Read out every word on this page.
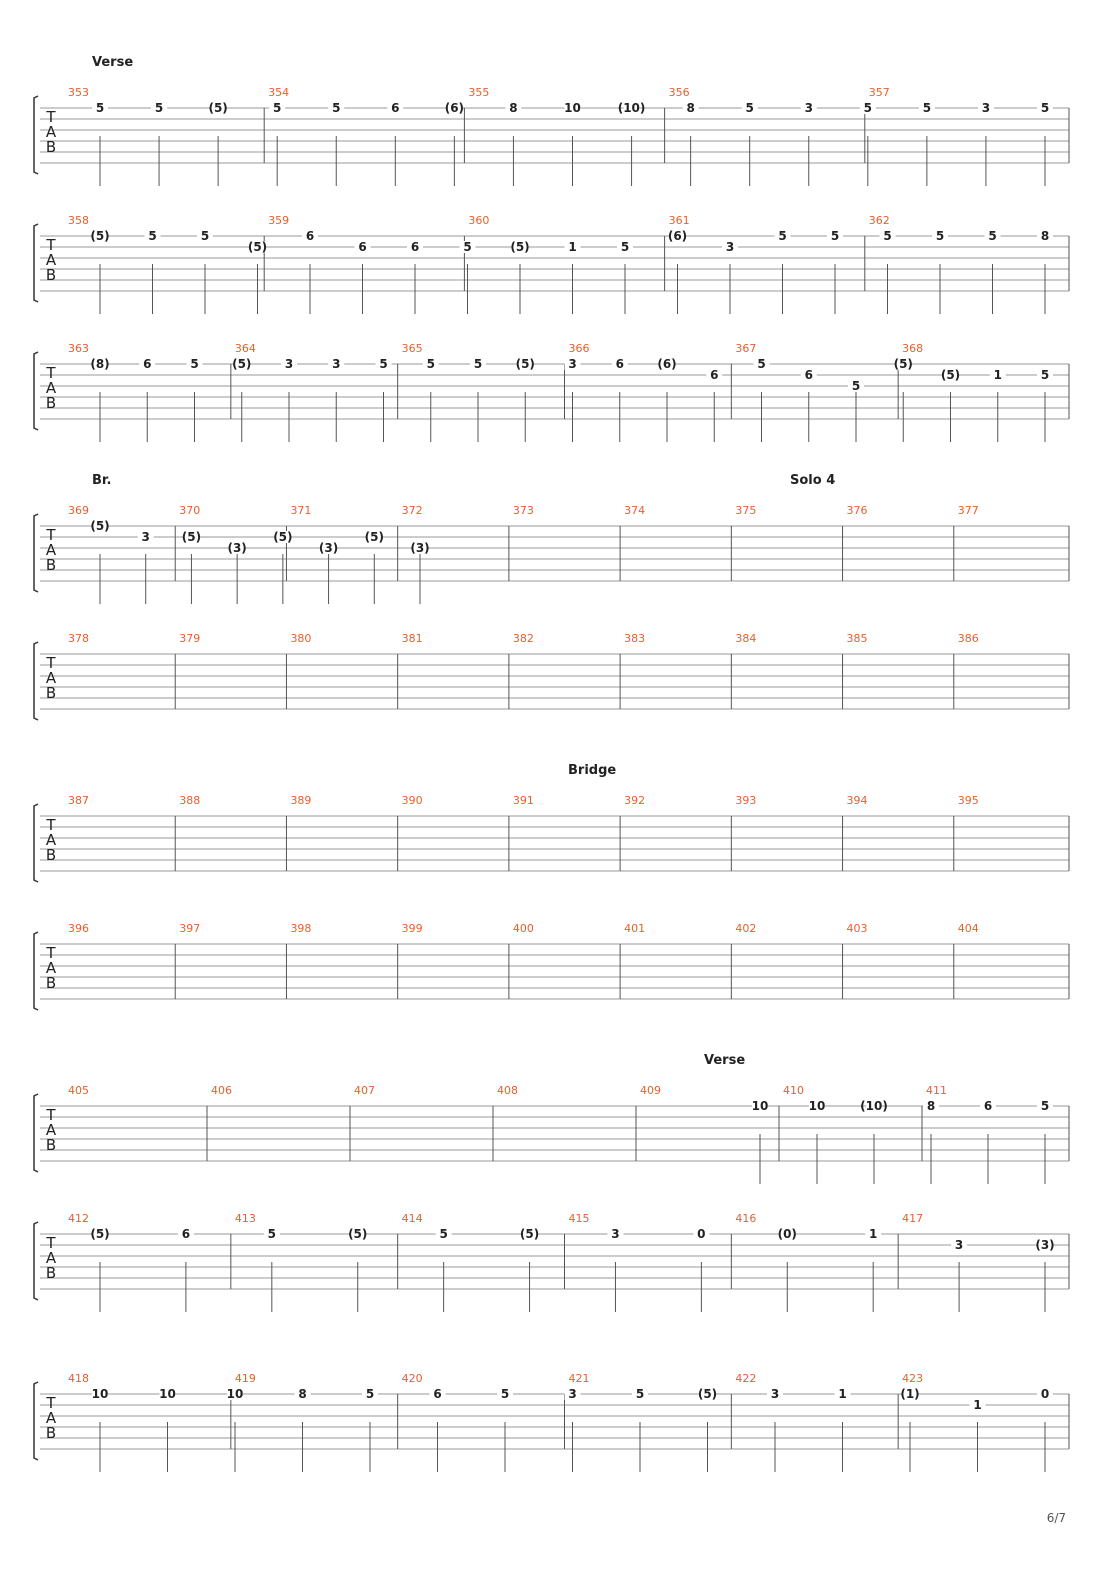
T
A
B
353	354	355	356	357
Verse
5	5	(5)	5	5	6	(6)	8	10	(10)	8	5	3	5	5	3	5
T
A
B
358	359	360	361	362
(5)	5	5
(5)
6
6	6	5	(5)	1	5
(6)
3
5	5	5	5	5	8
T
A
B
363	364	365	366	367	368
(8)	6	5	(5)	3	3	5	5	5	(5)	3	6	(6)
6
5
6
5
(5)
(5)	1	5
T
A
B
369	370	371	372	373	374	375	376	377
Br.	Solo 4
(5)
3	(5)
(3)
(5)
(3)
(5)
(3)
T
A
B
378	379	380	381	382	383	384	385	386
T
A
B
387	388	389	390	391	392	393	394	395
Bridge
T
A
B
396	397	398	399	400	401	402	403	404
T
A
B
405	406	407	408	409	410	411
Verse
10	10	(10)	8	6	5
T
A
B
412	413	414	415	416	417
(5)	6	5	(5)	5	(5)	3	0	(0)	1
3	(3)
T
A
B
418	419	420	421	422	423
10	10	10	8	5	6	5	3	5	(5)	3	1	(1)
1
0
6/7
